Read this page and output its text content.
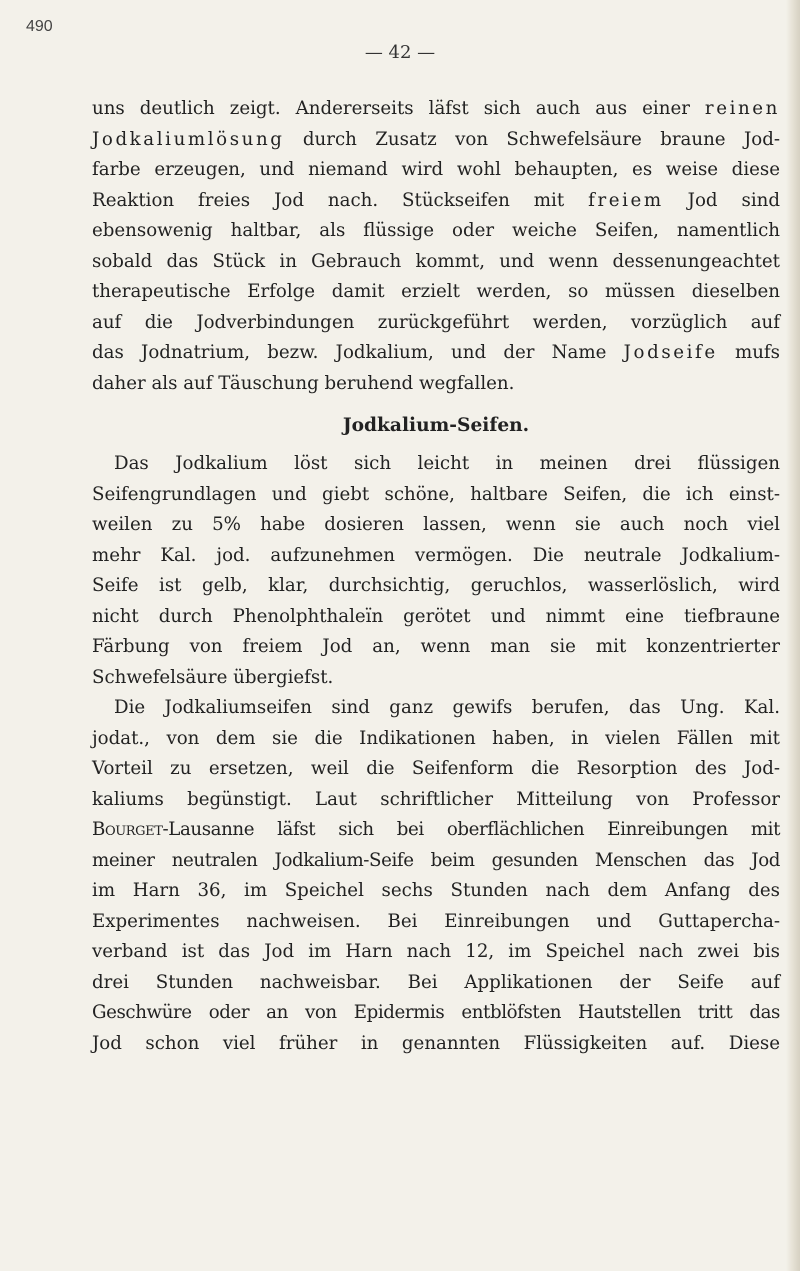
490
— 42 —

uns deutlich zeigt. Andererseits läfst sich auch aus einer reinen

Jodkaliumlösung durch Zusatz von Schwefelsäure braune Jod-

farbe erzeugen, und niemand wird wohl behaupten, es weise diese

Reaktion freies Jod nach. Stückseifen mit freiem Jod sind

ebensowenig haltbar, als flüssige oder weiche Seifen, namentlich

sobald das Stück in Gebrauch kommt, und wenn dessenungeachtet

therapeutische Erfolge damit erzielt werden, so müssen dieselben

auf die Jodverbindungen zurückgeführt werden, vorzüglich auf

das Jodnatrium, bezw. Jodkalium, und der Name Jodseife mufs

daher als auf Täuschung beruhend wegfallen.

Jodkalium-Seifen.

Das Jodkalium löst sich leicht in meinen drei flüssigen

Seifengrundlagen und giebt schöne, haltbare Seifen, die ich einst-

weilen zu 5% habe dosieren lassen, wenn sie auch noch viel

mehr Kal. jod. aufzunehmen vermögen. Die neutrale Jodkalium-

Seife ist gelb, klar, durchsichtig, geruchlos, wasserlöslich, wird

nicht durch Phenolphthaleïn gerötet und nimmt eine tiefbraune

Färbung von freiem Jod an, wenn man sie mit konzentrierter

Schwefelsäure übergiefst.

Die Jodkaliumseifen sind ganz gewifs berufen, das Ung. Kal.

jodat., von dem sie die Indikationen haben, in vielen Fällen mit

Vorteil zu ersetzen, weil die Seifenform die Resorption des Jod-

kaliums begünstigt. Laut schriftlicher Mitteilung von Professor

Bourget-Lausanne läfst sich bei oberflächlichen Einreibungen mit

meiner neutralen Jodkalium-Seife beim gesunden Menschen das Jod

im Harn 36, im Speichel sechs Stunden nach dem Anfang des

Experimentes nachweisen. Bei Einreibungen und Guttapercha-

verband ist das Jod im Harn nach 12, im Speichel nach zwei bis

drei Stunden nachweisbar. Bei Applikationen der Seife auf

Geschwüre oder an von Epidermis entblöfsten Hautstellen tritt das

Jod schon viel früher in genannten Flüssigkeiten auf. Diese
